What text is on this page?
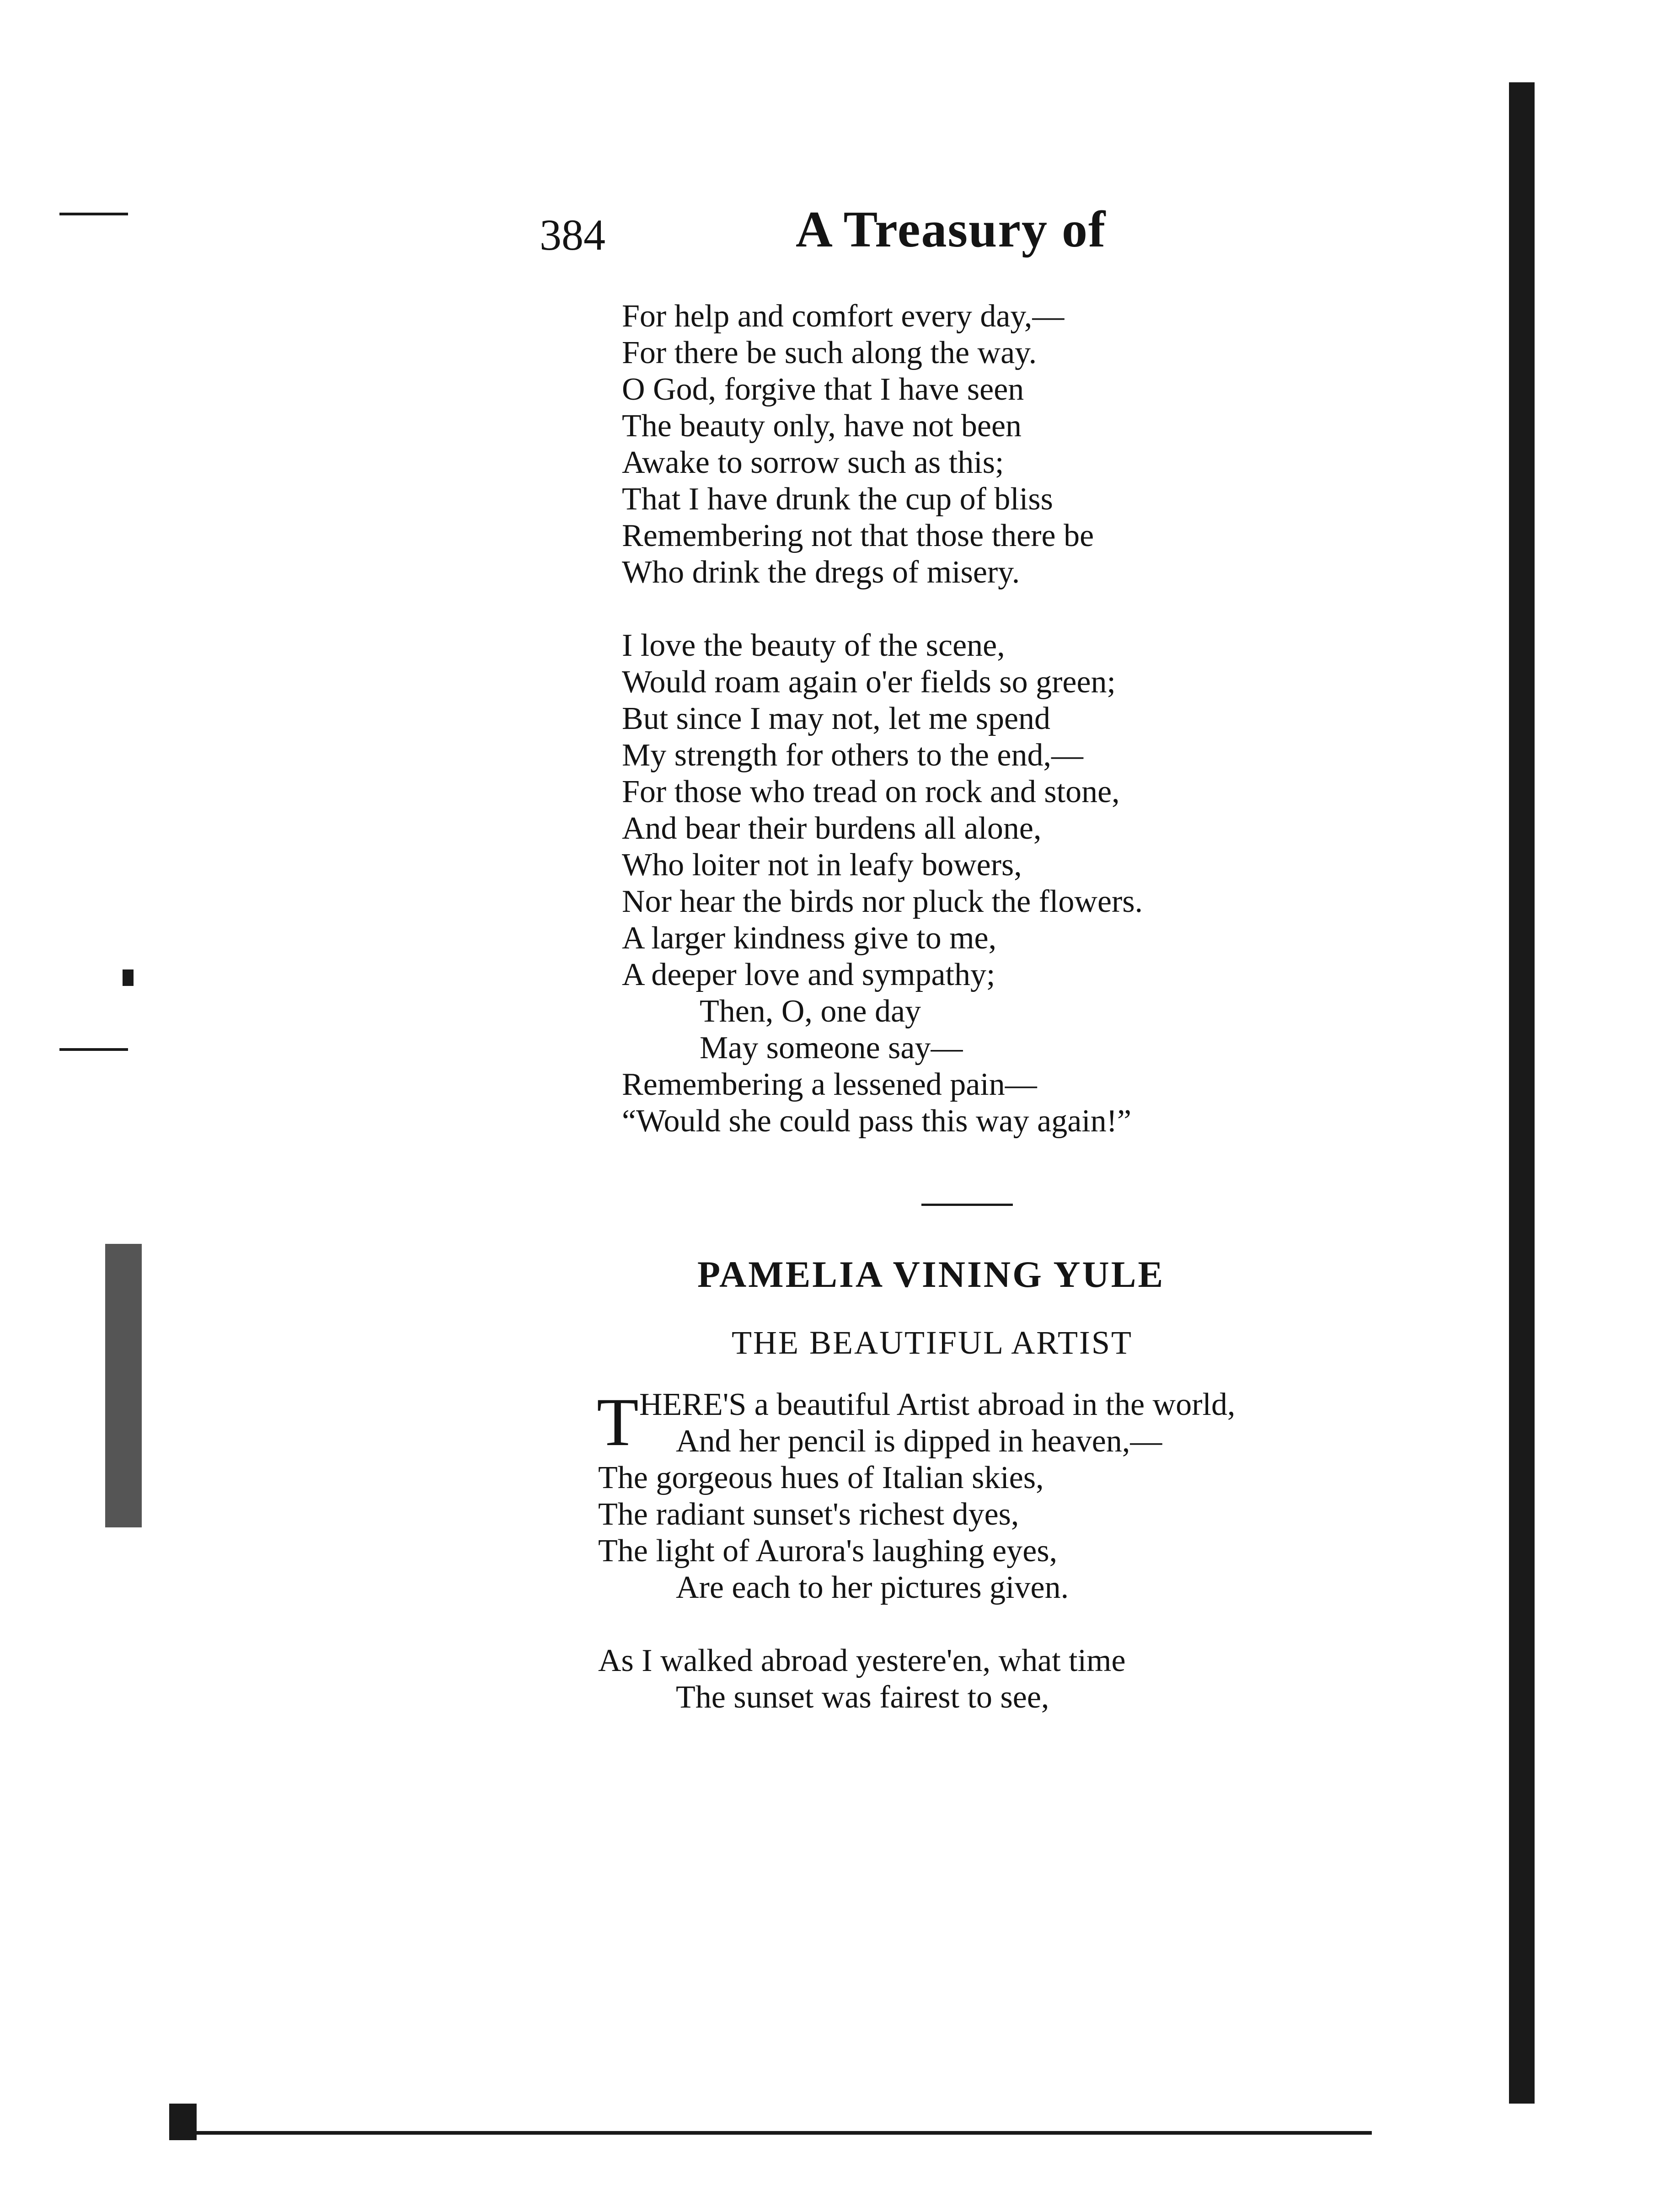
384	A Treasury of
For help and comfort every day,—
For there be such along the way.
O God, forgive that I have seen
The beauty only, have not been
Awake to sorrow such as this;
That I have drunk the cup of bliss
Remembering not that those there be
Who drink the dregs of misery.
I love the beauty of the scene,
Would roam again o'er fields so green;
But since I may not, let me spend
My strength for others to the end,—
For those who tread on rock and stone,
And bear their burdens all alone,
Who loiter not in leafy bowers,
Nor hear the birds nor pluck the flowers.
A larger kindness give to me,
A deeper love and sympathy;
Then, O, one day
May someone say—
Remembering a lessened pain—
“Would she could pass this way again!”
PAMELIA VINING YULE
THE BEAUTIFUL ARTIST
T HERE'S a beautiful Artist abroad in the world,
And her pencil is dipped in heaven,—
The gorgeous hues of Italian skies,
The radiant sunset's richest dyes,
The light of Aurora's laughing eyes,
Are each to her pictures given.
As I walked abroad yestere'en, what time
The sunset was fairest to see,
